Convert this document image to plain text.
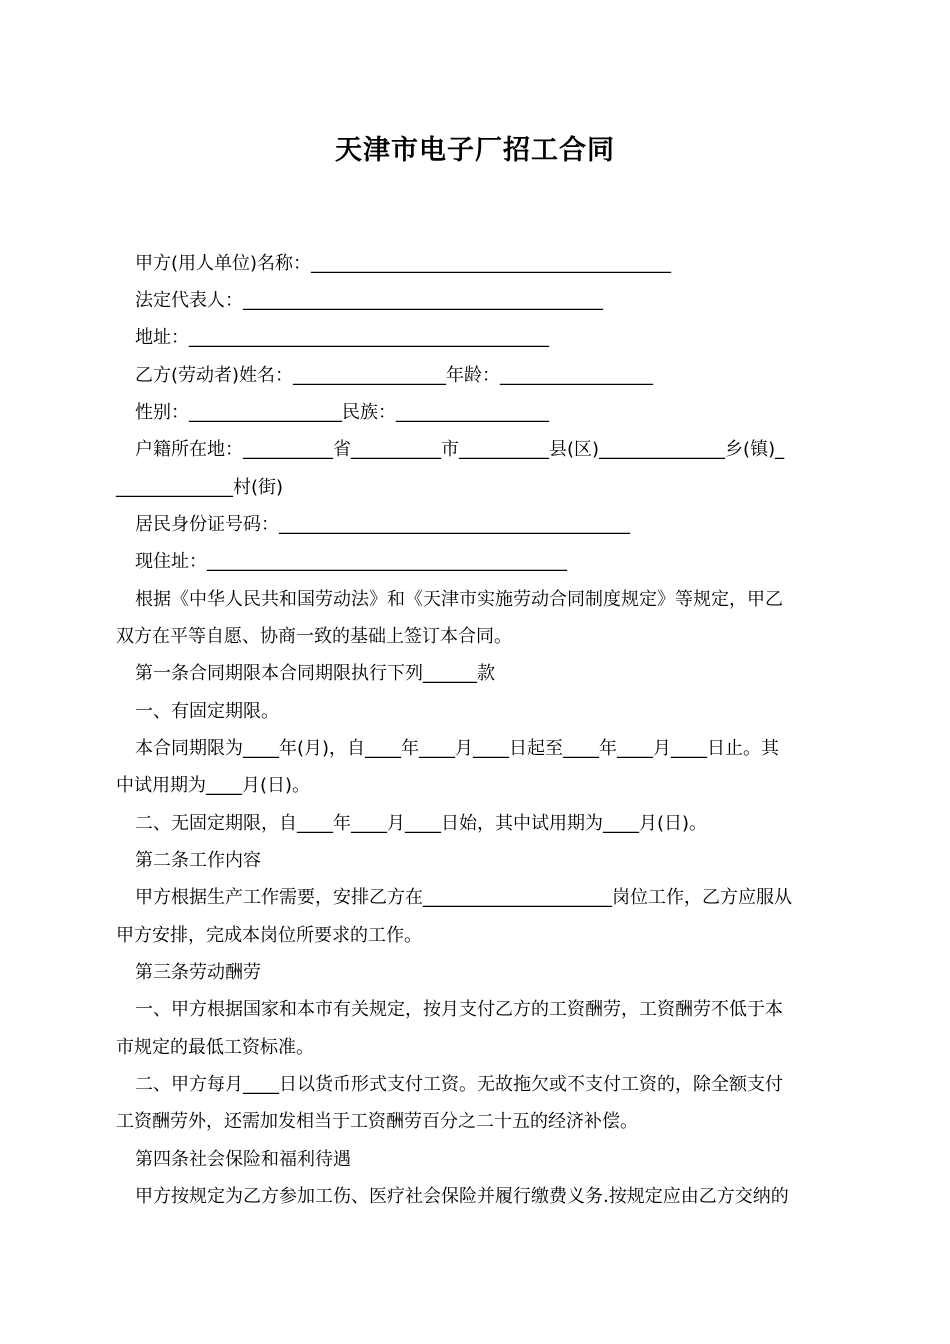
天津市电子厂招工合同
甲方(用人单位)名称：________________________________________
法定代表人：________________________________________
地址：________________________________________
乙方(劳动者)姓名：_________________年龄：_________________
性别：_________________民族：_________________
户籍所在地：__________省__________市__________县(区)______________乡(镇)_
_____________村(街)
居民身份证号码：_______________________________________
现住址：________________________________________
根据《中华人民共和国劳动法》和《天津市实施劳动合同制度规定》等规定，甲乙
双方在平等自愿、协商一致的基础上签订本合同。
第一条合同期限本合同期限执行下列______款
一、有固定期限。
本合同期限为____年(月)，自____年____月____日起至____年____月____日止。其
中试用期为____月(日)。
二、无固定期限，自____年____月____日始，其中试用期为____月(日)。
第二条工作内容
甲方根据生产工作需要，安排乙方在_____________________岗位工作，乙方应服从
甲方安排，完成本岗位所要求的工作。
第三条劳动酬劳
一、甲方根据国家和本市有关规定，按月支付乙方的工资酬劳，工资酬劳不低于本
市规定的最低工资标准。
二、甲方每月____日以货币形式支付工资。无故拖欠或不支付工资的，除全额支付
工资酬劳外，还需加发相当于工资酬劳百分之二十五的经济补偿。
第四条社会保险和福利待遇
甲方按规定为乙方参加工伤、医疗社会保险并履行缴费义务.按规定应由乙方交纳的
